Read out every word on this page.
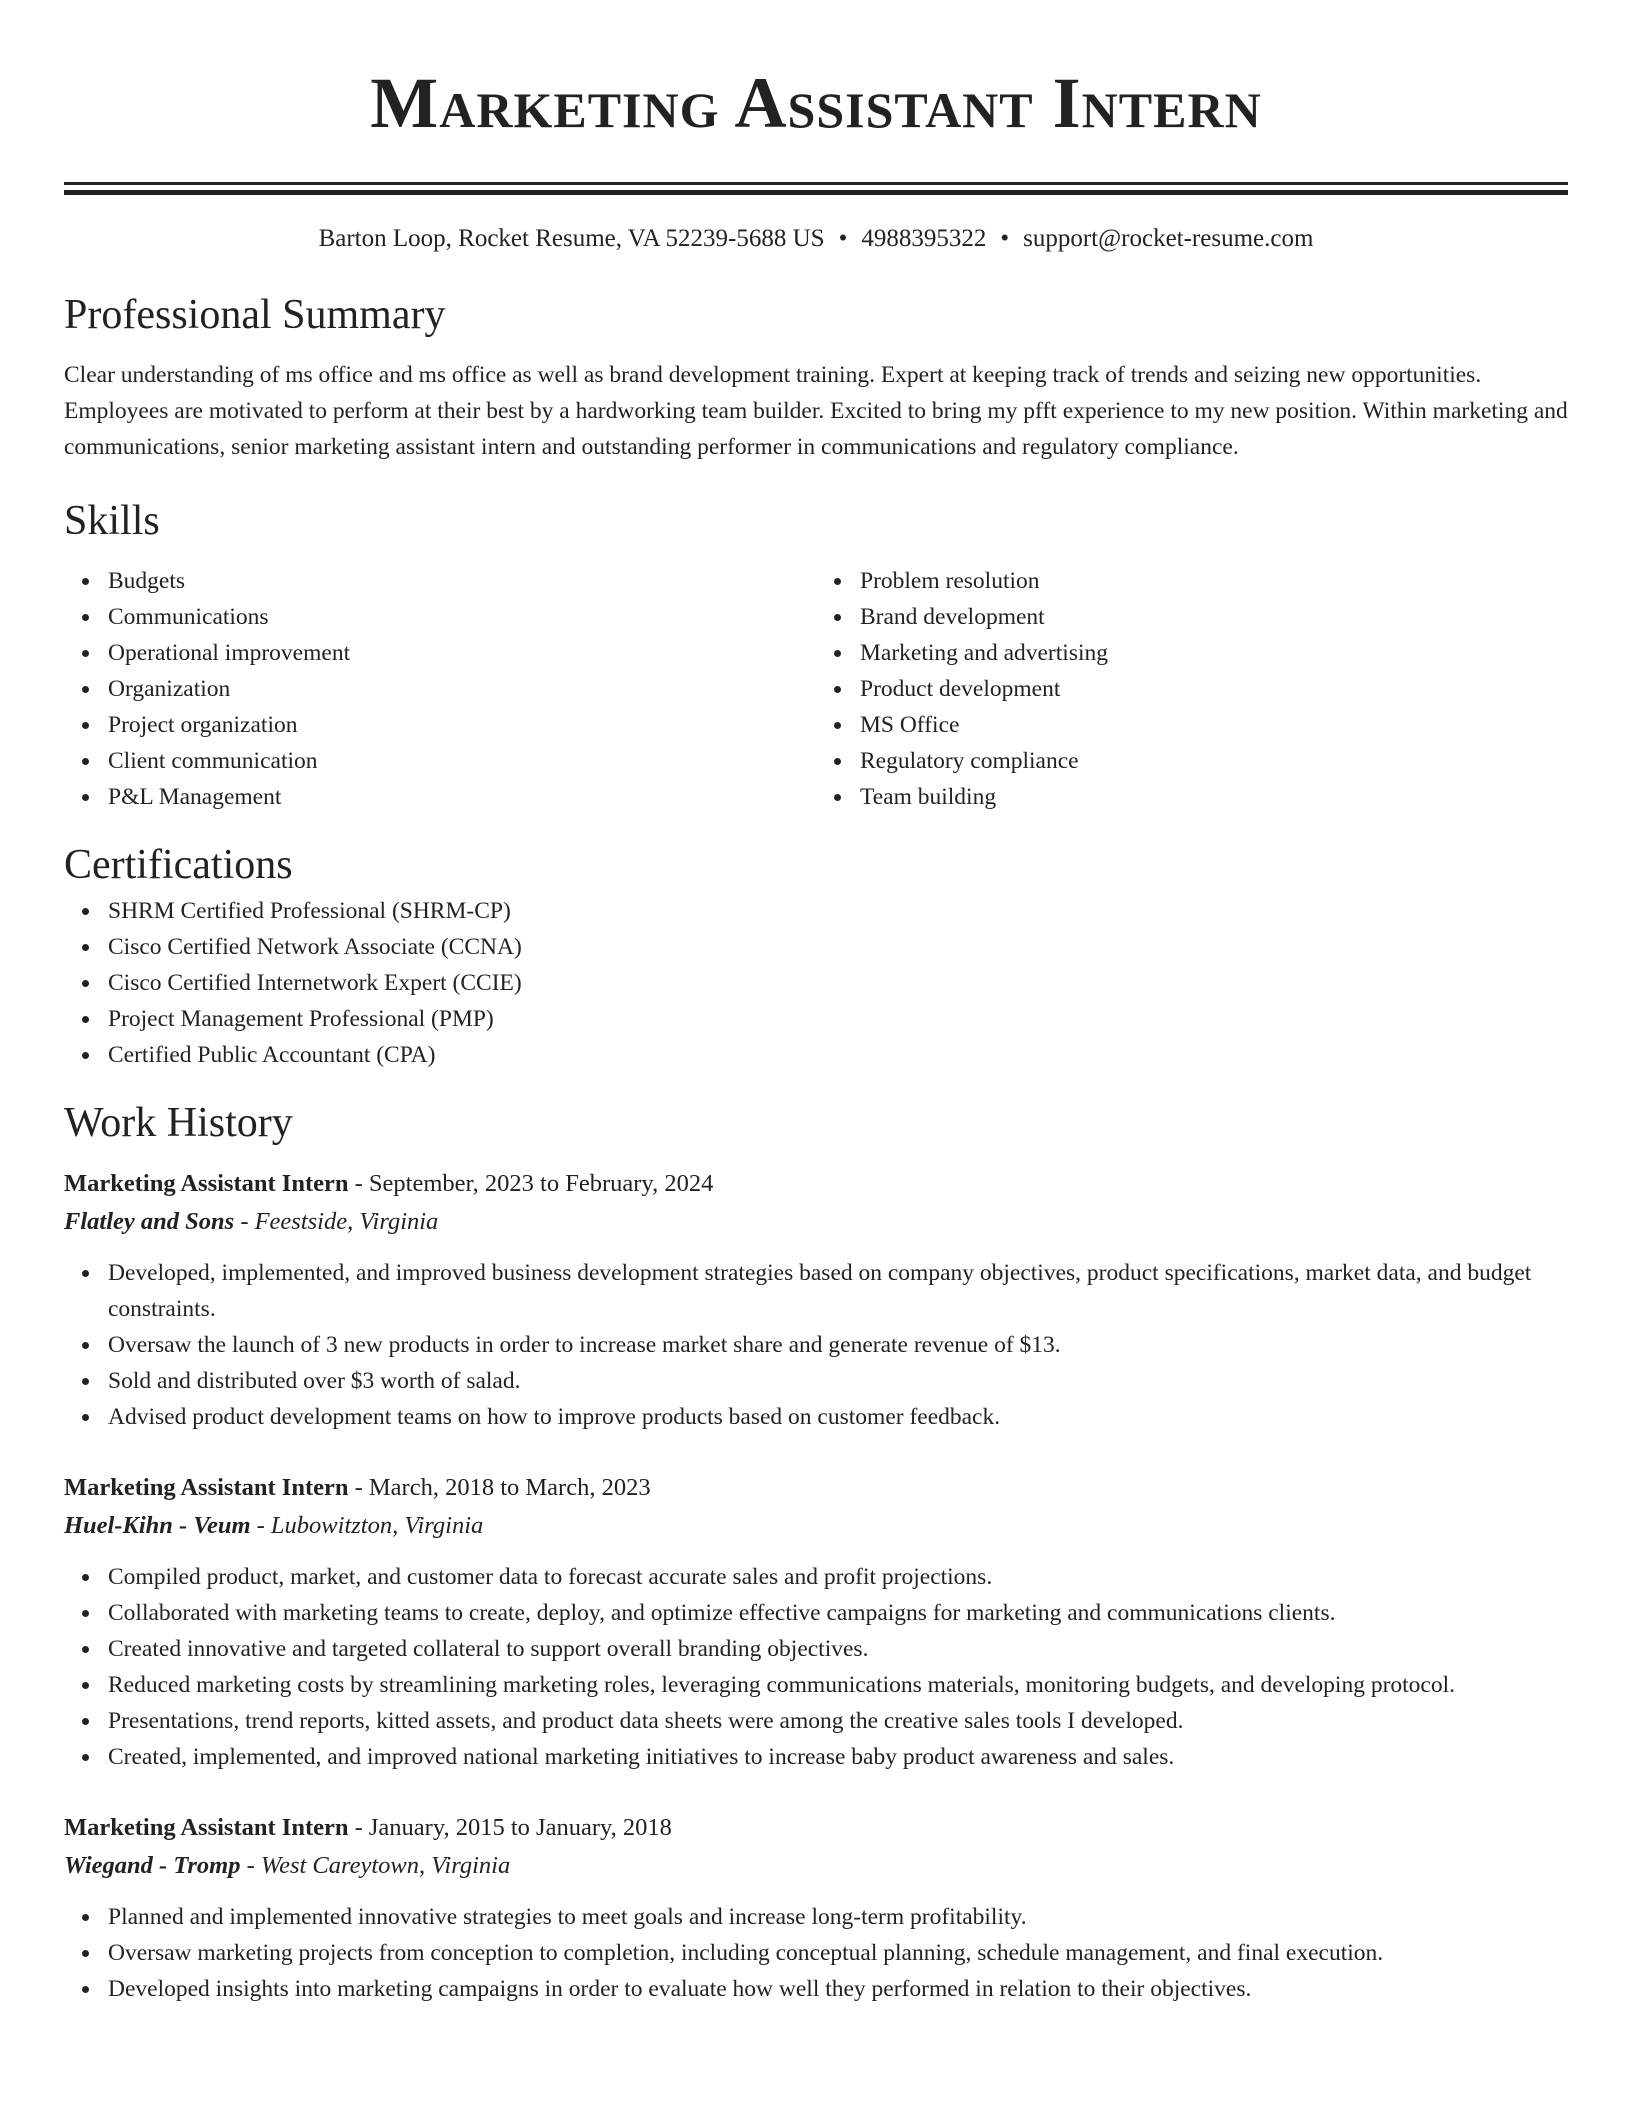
Marketing Assistant Intern
Barton Loop, Rocket Resume, VA 52239-5688 US • 4988395322 • support@rocket-resume.com
Professional Summary

Clear understanding of ms office and ms office as well as brand development training. Expert at keeping track of trends and seizing new opportunities. Employees are motivated to perform at their best by a hardworking team builder. Excited to bring my pfft experience to my new position. Within marketing and communications, senior marketing assistant intern and outstanding performer in communications and regulatory compliance.

Skills
Budgets
Communications
Operational improvement
Organization
Project organization
Client communication
P&L Management
Problem resolution
Brand development
Marketing and advertising
Product development
MS Office
Regulatory compliance
Team building
Certifications
SHRM Certified Professional (SHRM-CP)
Cisco Certified Network Associate (CCNA)
Cisco Certified Internetwork Expert (CCIE)
Project Management Professional (PMP)
Certified Public Accountant (CPA)
Work History
Marketing Assistant Intern - September, 2023 to February, 2024
Flatley and Sons - Feestside, Virginia
Developed, implemented, and improved business development strategies based on company objectives, product specifications, market data, and budget constraints.
Oversaw the launch of 3 new products in order to increase market share and generate revenue of $13.
Sold and distributed over $3 worth of salad.
Advised product development teams on how to improve products based on customer feedback.
Marketing Assistant Intern - March, 2018 to March, 2023
Huel-Kihn - Veum - Lubowitzton, Virginia
Compiled product, market, and customer data to forecast accurate sales and profit projections.
Collaborated with marketing teams to create, deploy, and optimize effective campaigns for marketing and communications clients.
Created innovative and targeted collateral to support overall branding objectives.
Reduced marketing costs by streamlining marketing roles, leveraging communications materials, monitoring budgets, and developing protocol.
Presentations, trend reports, kitted assets, and product data sheets were among the creative sales tools I developed.
Created, implemented, and improved national marketing initiatives to increase baby product awareness and sales.
Marketing Assistant Intern - January, 2015 to January, 2018
Wiegand - Tromp - West Careytown, Virginia
Planned and implemented innovative strategies to meet goals and increase long-term profitability.
Oversaw marketing projects from conception to completion, including conceptual planning, schedule management, and final execution.
Developed insights into marketing campaigns in order to evaluate how well they performed in relation to their objectives.
